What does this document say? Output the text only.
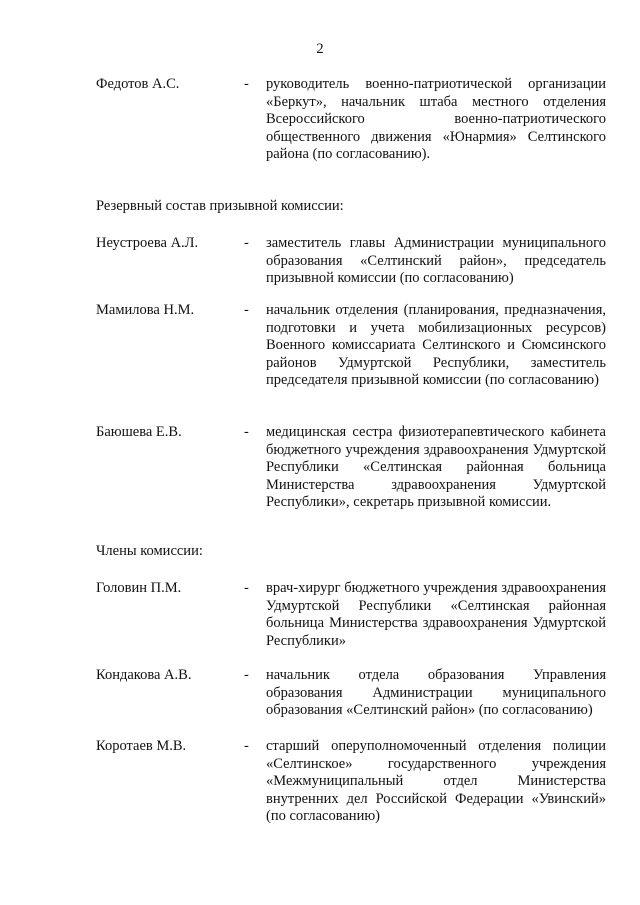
2
Федотов А.С.	- руководитель военно-патриотической организации «Беркут», начальник штаба местного отделения Всероссийского военно-патриотического общественного движения «Юнармия» Селтинского района (по согласованию).
Резервный состав призывной комиссии:
Неустроева А.Л.	- заместитель главы Администрации муниципального образования «Селтинский район», председатель призывной комиссии (по согласованию)
Мамилова Н.М.	- начальник отделения (планирования, предназначения, подготовки и учета мобилизационных ресурсов) Военного комиссариата Селтинского и Сюмсинского районов Удмуртской Республики, заместитель председателя призывной комиссии (по согласованию)
Баюшева Е.В.	- медицинская сестра физиотерапевтического кабинета бюджетного учреждения здравоохранения Удмуртской Республики «Селтинская районная больница Министерства здравоохранения Удмуртской Республики», секретарь призывной комиссии.
Члены комиссии:
Головин П.М.	- врач-хирург бюджетного учреждения здравоохранения Удмуртской Республики «Селтинская районная больница Министерства здравоохранения Удмуртской Республики»
Кондакова А.В.	- начальник отдела образования Управления образования Администрации муниципального образования «Селтинский район» (по согласованию)
Коротаев М.В.	- старший оперуполномоченный отделения полиции «Селтинское» государственного учреждения «Межмуниципальный отдел Министерства внутренних дел Российской Федерации «Увинский» (по согласованию)
